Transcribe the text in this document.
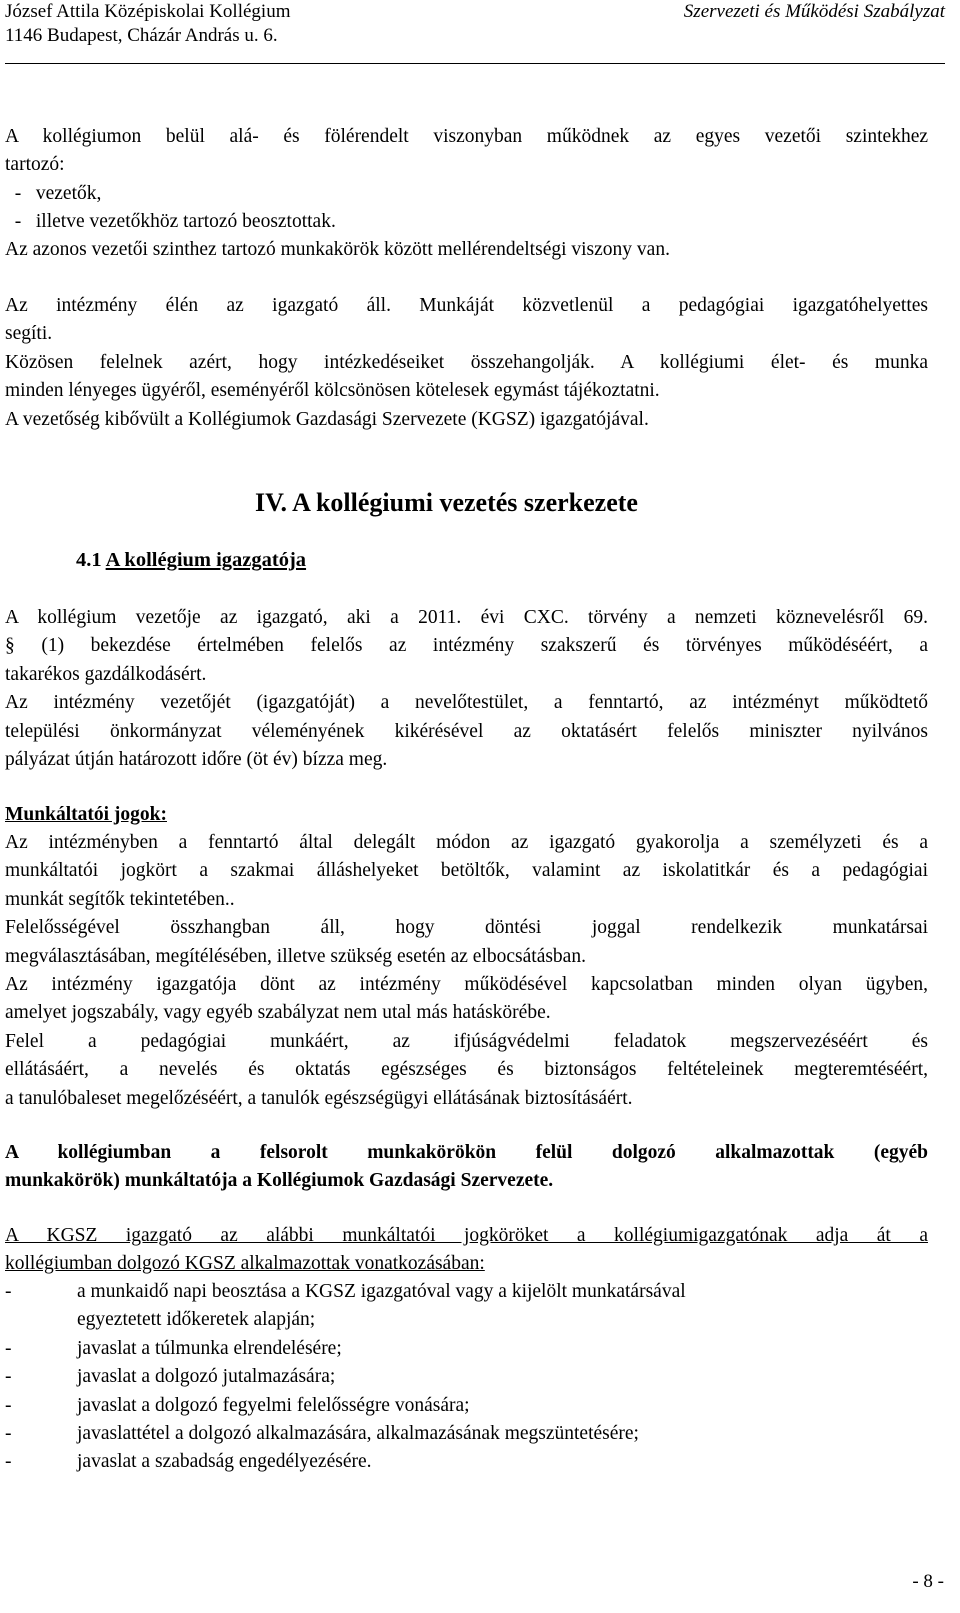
József Attila Középiskolai Kollégium
1146 Budapest, Cházár András u. 6.
Szervezeti és Működési Szabályzat
A kollégiumon belül alá- és fölérendelt viszonyban működnek az egyes vezetői szintekhez
tartozó:
-   vezetők,
-   illetve vezetőkhöz tartozó beosztottak.
Az azonos vezetői szinthez tartozó munkakörök között mellérendeltségi viszony van.
Az intézmény élén az igazgató áll. Munkáját közvetlenül a pedagógiai igazgatóhelyettes
segíti.
Közösen felelnek azért, hogy intézkedéseiket összehangolják. A kollégiumi élet- és munka
minden lényeges ügyéről, eseményéről kölcsönösen kötelesek egymást tájékoztatni.
A vezetőség kibővült a Kollégiumok Gazdasági Szervezete (KGSZ) igazgatójával.
IV. A kollégiumi vezetés szerkezete
4.1 A kollégium igazgatója
A kollégium vezetője az igazgató, aki a 2011. évi CXC. törvény a nemzeti köznevelésről 69.
§ (1) bekezdése értelmében felelős az intézmény szakszerű és törvényes működéséért, a
takarékos gazdálkodásért.
Az intézmény vezetőjét (igazgatóját) a nevelőtestület, a fenntartó, az intézményt működtető
települési önkormányzat véleményének kikérésével az oktatásért felelős miniszter nyilvános
pályázat útján határozott időre (öt év) bízza meg.
Munkáltatói jogok:
Az intézményben a fenntartó által delegált módon az igazgató gyakorolja a személyzeti és a
munkáltatói jogkört a szakmai álláshelyeket betöltők, valamint az iskolatitkár és a pedagógiai
munkát segítők tekintetében..
Felelősségével összhangban áll, hogy döntési joggal rendelkezik munkatársai
megválasztásában, megítélésében, illetve szükség esetén az elbocsátásban.
Az intézmény igazgatója dönt az intézmény működésével kapcsolatban minden olyan ügyben,
amelyet jogszabály, vagy egyéb szabályzat nem utal más hatáskörébe.
Felel a pedagógiai munkáért, az ifjúságvédelmi feladatok megszervezéséért és
ellátásáért, a nevelés és oktatás egészséges és biztonságos feltételeinek megteremtéséért,
a tanulóbaleset megelőzéséért, a tanulók egészségügyi ellátásának biztosításáért.
A kollégiumban a felsorolt munkakörökön felül dolgozó alkalmazottak (egyéb
munkakörök) munkáltatója a Kollégiumok Gazdasági Szervezete.
A KGSZ igazgató az alábbi munkáltatói jogköröket a kollégiumigazgatónak adja át a
kollégiumban dolgozó KGSZ alkalmazottak vonatkozásában:
-	a munkaidő napi beosztása a KGSZ igazgatóval vagy a kijelölt munkatársával
egyeztetett időkeretek alapján;
-	javaslat a túlmunka elrendelésére;
-	javaslat a dolgozó jutalmazására;
-	javaslat a dolgozó fegyelmi felelősségre vonására;
-	javaslattétel a dolgozó alkalmazására, alkalmazásának megszüntetésére;
-	javaslat a szabadság engedélyezésére.
- 8 -
